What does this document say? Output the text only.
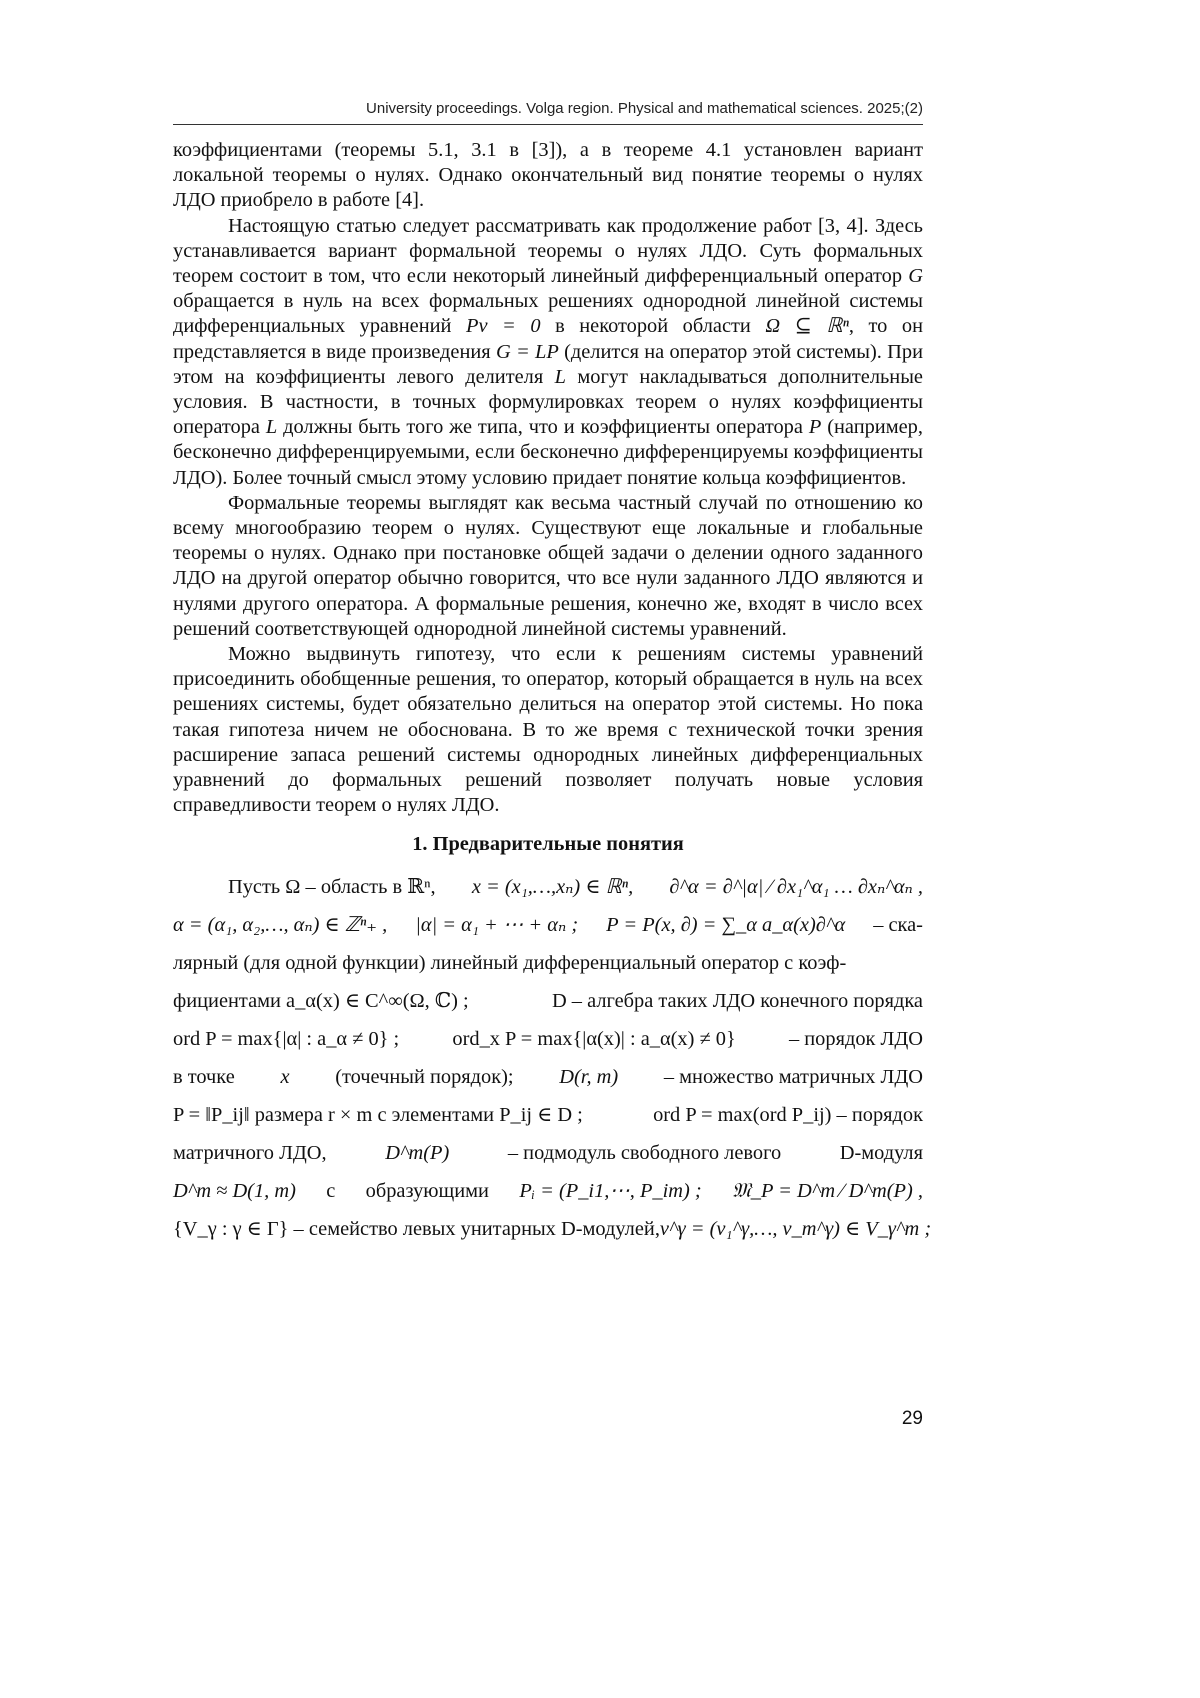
University proceedings. Volga region. Physical and mathematical sciences. 2025;(2)

коэффициентами (теоремы 5.1, 3.1 в [3]), а в теореме 4.1 установлен вариант локальной теоремы о нулях. Однако окончательный вид понятие теоремы о нулях ЛДО приобрело в работе [4].

Настоящую статью следует рассматривать как продолжение работ [3, 4]. Здесь устанавливается вариант формальной теоремы о нулях ЛДО. Суть формальных теорем состоит в том, что если некоторый линейный дифференциальный оператор G обращается в нуль на всех формальных решениях однородной линейной системы дифференциальных уравнений Pv = 0 в некоторой области Ω ⊆ ℝⁿ, то он представляется в виде произведения G = LP (делится на оператор этой системы). При этом на коэффициенты левого делителя L могут накладываться дополнительные условия. В частности, в точных формулировках теорем о нулях коэффициенты оператора L должны быть того же типа, что и коэффициенты оператора P (например, бесконечно дифференцируемыми, если бесконечно дифференцируемы коэффициенты ЛДО). Более точный смысл этому условию придает понятие кольца коэффициентов.

Формальные теоремы выглядят как весьма частный случай по отношению ко всему многообразию теорем о нулях. Существуют еще локальные и глобальные теоремы о нулях. Однако при постановке общей задачи о делении одного заданного ЛДО на другой оператор обычно говорится, что все нули заданного ЛДО являются и нулями другого оператора. А формальные решения, конечно же, входят в число всех решений соответствующей однородной линейной системы уравнений.

Можно выдвинуть гипотезу, что если к решениям системы уравнений присоединить обобщенные решения, то оператор, который обращается в нуль на всех решениях системы, будет обязательно делиться на оператор этой системы. Но пока такая гипотеза ничем не обоснована. В то же время с технической точки зрения расширение запаса решений системы однородных линейных дифференциальных уравнений до формальных решений позволяет получать новые условия справедливости теорем о нулях ЛДО.

1. Предварительные понятия
Пусть Ω – область в ℝⁿ, x = (x₁,…,xₙ) ∈ ℝⁿ, ∂^α = ∂^|α| ∕ ∂x₁^α₁ … ∂xₙ^αₙ ,
α = (α₁, α₂,…, αₙ) ∈ ℤⁿ₊ , |α| = α₁ + ⋯ + αₙ ; P = P(x, ∂) = ∑_α a_α(x)∂^α – ска-
лярный (для одной функции) линейный дифференциальный оператор с коэф-
фициентами a_α(x) ∈ C^∞(Ω, ℂ) ;	D – алгебра таких ЛДО конечного порядка
ord P = max{|α| : a_α ≠ 0} ;	ord_x P = max{|α(x)| : a_α(x) ≠ 0}	– порядок ЛДО
в точке x (точечный порядок); D(r, m) – множество матричных ЛДО
P = ‖P_ij‖ размера r × m с элементами P_ij ∈ D ;	ord P = max(ord P_ij) – порядок
матричного ЛДО,	D^m(P)	– подмодуль свободного левого	D-модуля
D^m ≈ D(1, m) с образующими Pᵢ = (P_i1,⋯, P_im) ; 𝔐_P = D^m ∕ D^m(P) ,
{V_γ : γ ∈ Γ} – семейство левых унитарных D-модулей, v^γ = (v₁^γ,…, v_m^γ) ∈ V_γ^m ;
29
